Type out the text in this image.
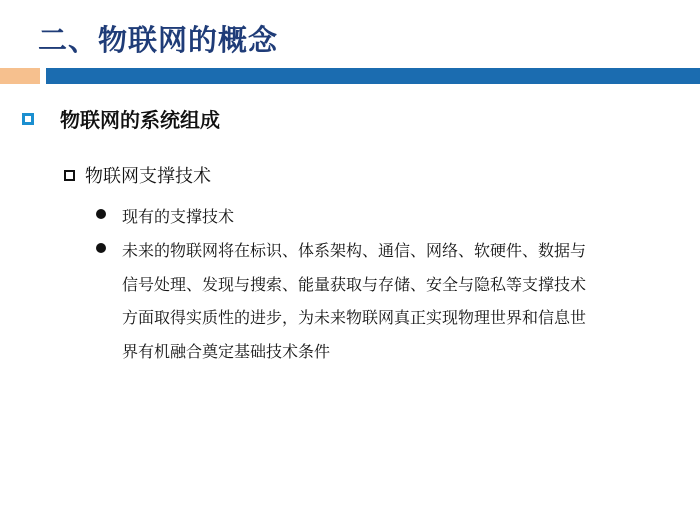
二、物联网的概念
物联网的系统组成
物联网支撑技术
现有的支撑技术
未来的物联网将在标识、体系架构、通信、网络、软硬件、数据与信号处理、发现与搜索、能量获取与存储、安全与隐私等支撑技术方面取得实质性的进步，为未来物联网真正实现物理世界和信息世界有机融合奠定基础技术条件
